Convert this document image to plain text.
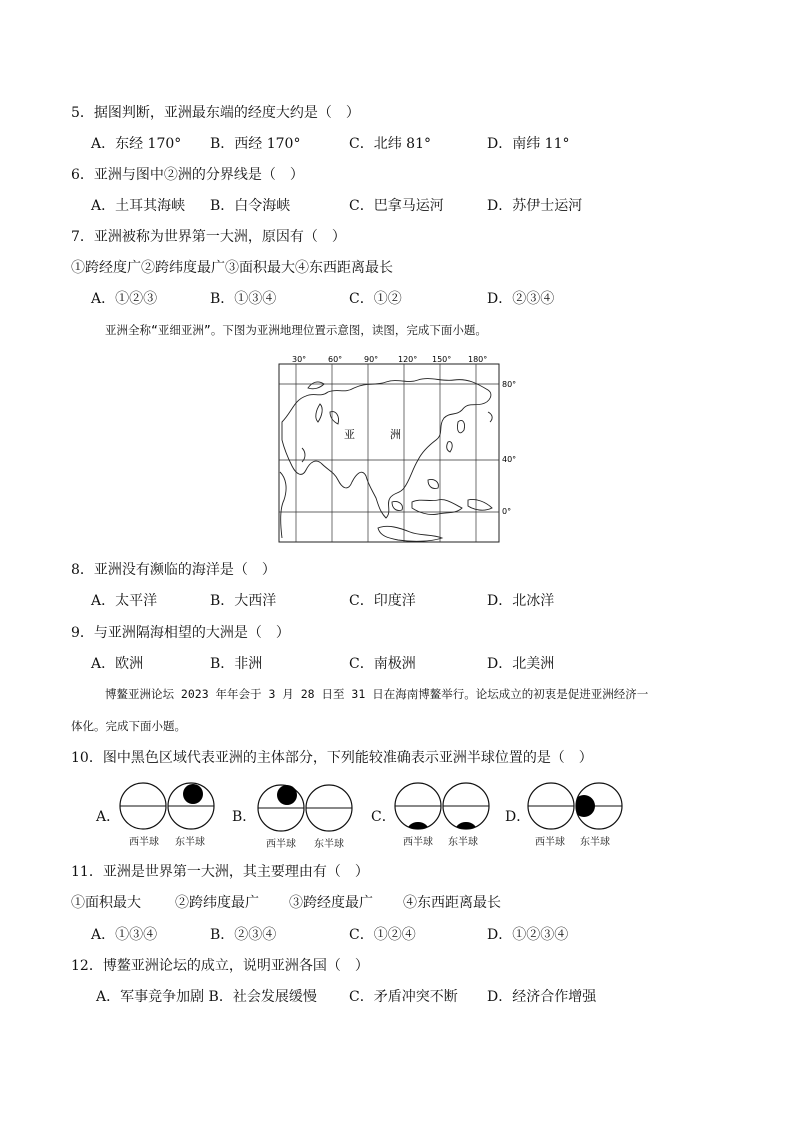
5．据图判断，亚洲最东端的经度大约是（　）
A．东经 170° B．西经 170°	C．北纬 81°	D．南纬 11°
6．亚洲与图中②洲的分界线是（　）
A．土耳其海峡 B．白令海峡	C．巴拿马运河	D．苏伊士运河
7．亚洲被称为世界第一大洲，原因有（　）
①跨经度广②跨纬度最广③面积最大④东西距离最长
A．①②③	B．①③④	C．①②	D．②③④
亚洲全称“亚细亚洲”。下图为亚洲地理位置示意图，读图，完成下面小题。
30°	60°	90° 120° 150° 180°
80°
40°
0°
亚	洲
8．亚洲没有濒临的海洋是（　）
A．太平洋	B．大西洋	C．印度洋	D．北冰洋
9．与亚洲隔海相望的大洲是（　）
A．欧洲	B．非洲	C．南极洲	D．北美洲
博鳌亚洲论坛 2023 年年会于 3 月 28 日至 31 日在海南博鳌举行。论坛成立的初衷是促进亚洲经济一
体化。完成下面小题。
10．图中黑色区域代表亚洲的主体部分，下列能较准确表示亚洲半球位置的是（　）
A．
西半球 东半球
B．
西半球 东半球
C．
西半球 东半球
D．
西半球 东半球
11．亚洲是世界第一大洲，其主要理由有（　）
①面积最大 ②跨纬度最广 ③跨经度最广 ④东西距离最长
A．①③④	B．②③④	C．①②④	D．①②③④
12．博鳌亚洲论坛的成立，说明亚洲各国（　）
A．军事竞争加剧 B．社会发展缓慢 C．矛盾冲突不断 D．经济合作增强
